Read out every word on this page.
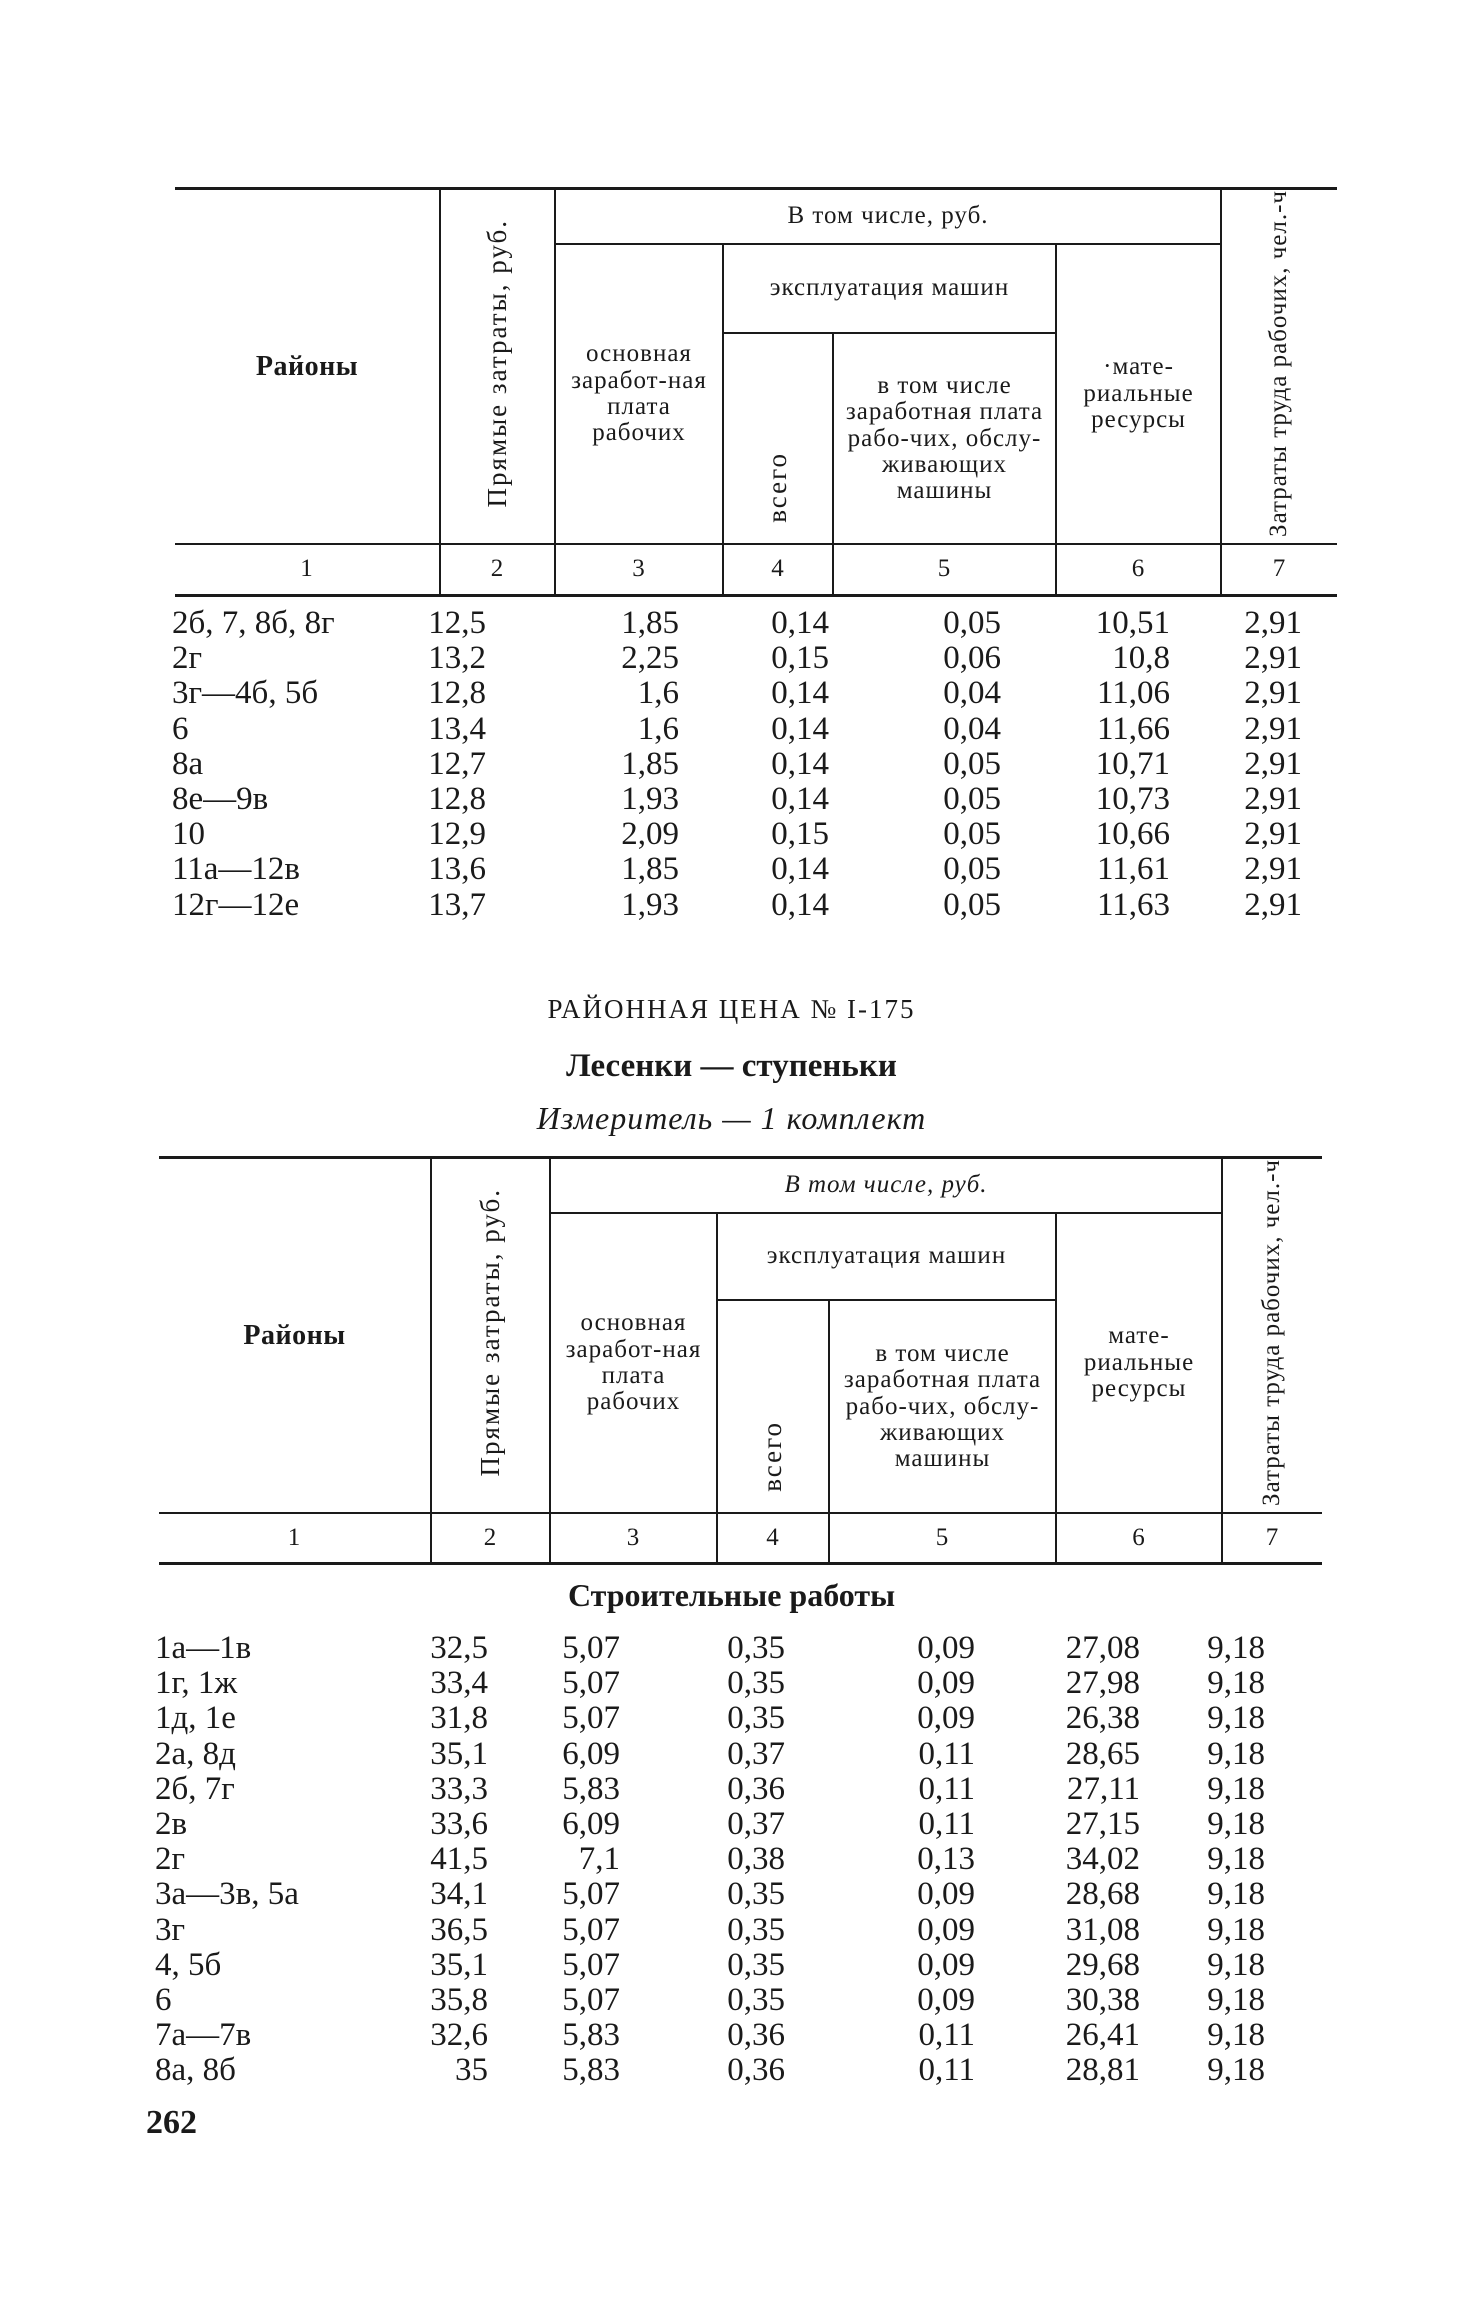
Районы	Прямые затраты, руб.	В том числе, руб.				Затраты труда рабочих, чел.-ч
		основная заработ-ная плата рабочих	эксплуатация машин		·мате-риальные ресурсы	
			всего	в том числе заработная плата рабо-чих, обслу-живающих машины		
1	2	3	4	5	6	7
2б, 7, 8б, 8г	12,5	1,85	0,14	0,05	10,51	2,91
2г	13,2	2,25	0,15	0,06	10,8	2,91
3г—4б, 5б	12,8	1,6	0,14	0,04	11,06	2,91
6	13,4	1,6	0,14	0,04	11,66	2,91
8а	12,7	1,85	0,14	0,05	10,71	2,91
8е—9в	12,8	1,93	0,14	0,05	10,73	2,91
10	12,9	2,09	0,15	0,05	10,66	2,91
11а—12в	13,6	1,85	0,14	0,05	11,61	2,91
12г—12е	13,7	1,93	0,14	0,05	11,63	2,91
РАЙОННАЯ ЦЕНА № I-175
Лесенки — ступеньки
Измеритель — 1 комплект
Районы	Прямые затраты, руб.	В том числе, руб.				Затраты труда рабочих, чел.-ч
		основная заработ-ная плата рабочих	эксплуатация машин		мате-риальные ресурсы	
			всего	в том числе заработная плата рабо-чих, обслу-живающих машины		
1	2	3	4	5	6	7
Строительные работы
1а—1в	32,5	5,07	0,35	0,09	27,08	9,18
1г, 1ж	33,4	5,07	0,35	0,09	27,98	9,18
1д, 1е	31,8	5,07	0,35	0,09	26,38	9,18
2а, 8д	35,1	6,09	0,37	0,11	28,65	9,18
2б, 7г	33,3	5,83	0,36	0,11	27,11	9,18
2в	33,6	6,09	0,37	0,11	27,15	9,18
2г	41,5	7,1	0,38	0,13	34,02	9,18
3а—3в, 5а	34,1	5,07	0,35	0,09	28,68	9,18
3г	36,5	5,07	0,35	0,09	31,08	9,18
4, 5б	35,1	5,07	0,35	0,09	29,68	9,18
6	35,8	5,07	0,35	0,09	30,38	9,18
7а—7в	32,6	5,83	0,36	0,11	26,41	9,18
8а, 8б	35	5,83	0,36	0,11	28,81	9,18
262
